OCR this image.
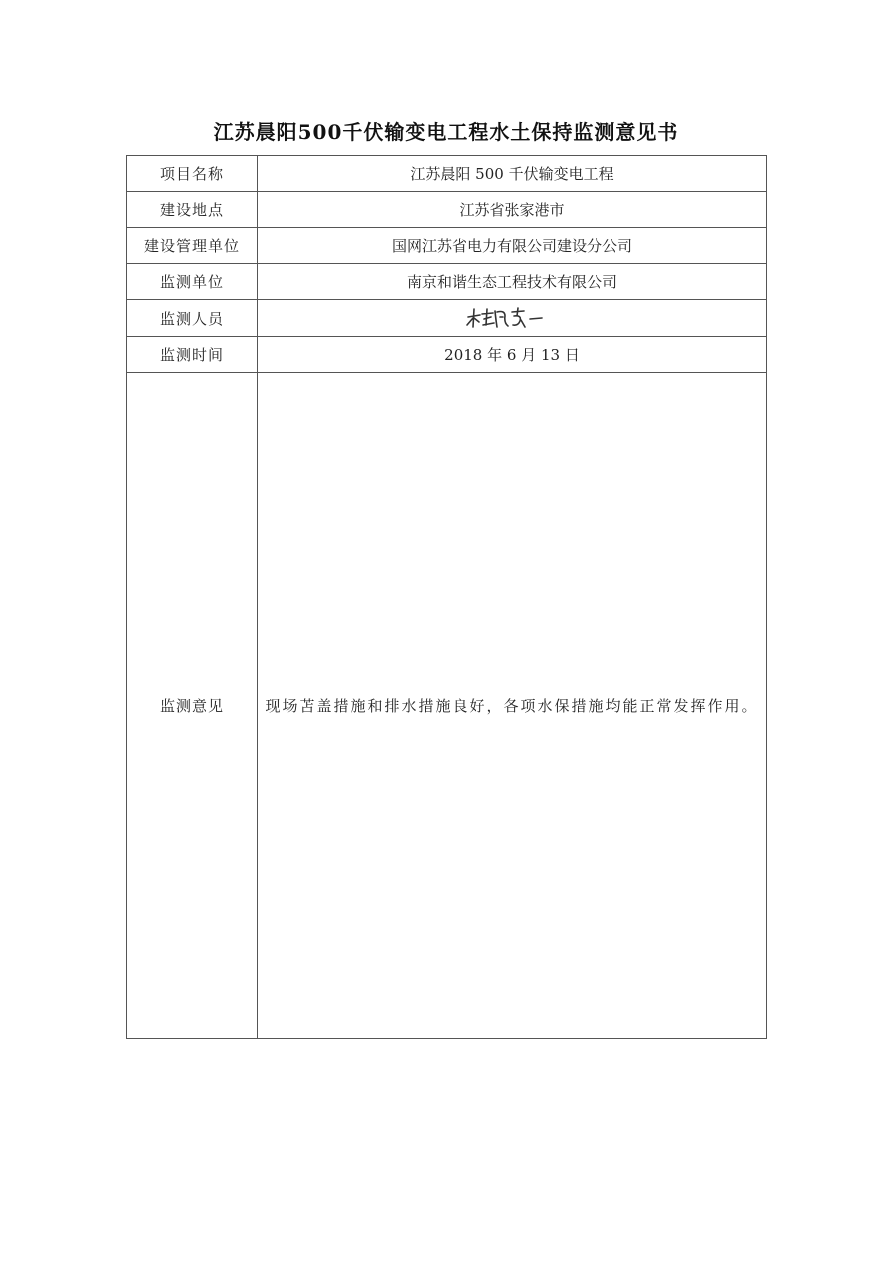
江苏晨阳500千伏输变电工程水土保持监测意见书
项目名称	江苏晨阳 500 千伏输变电工程
建设地点	江苏省张家港市
建设管理单位	国网江苏省电力有限公司建设分公司
监测单位	南京和谐生态工程技术有限公司
监测人员	
监测时间	2018 年 6 月 13 日
监测意见	现场苫盖措施和排水措施良好，各项水保措施均能正常发挥作用。
